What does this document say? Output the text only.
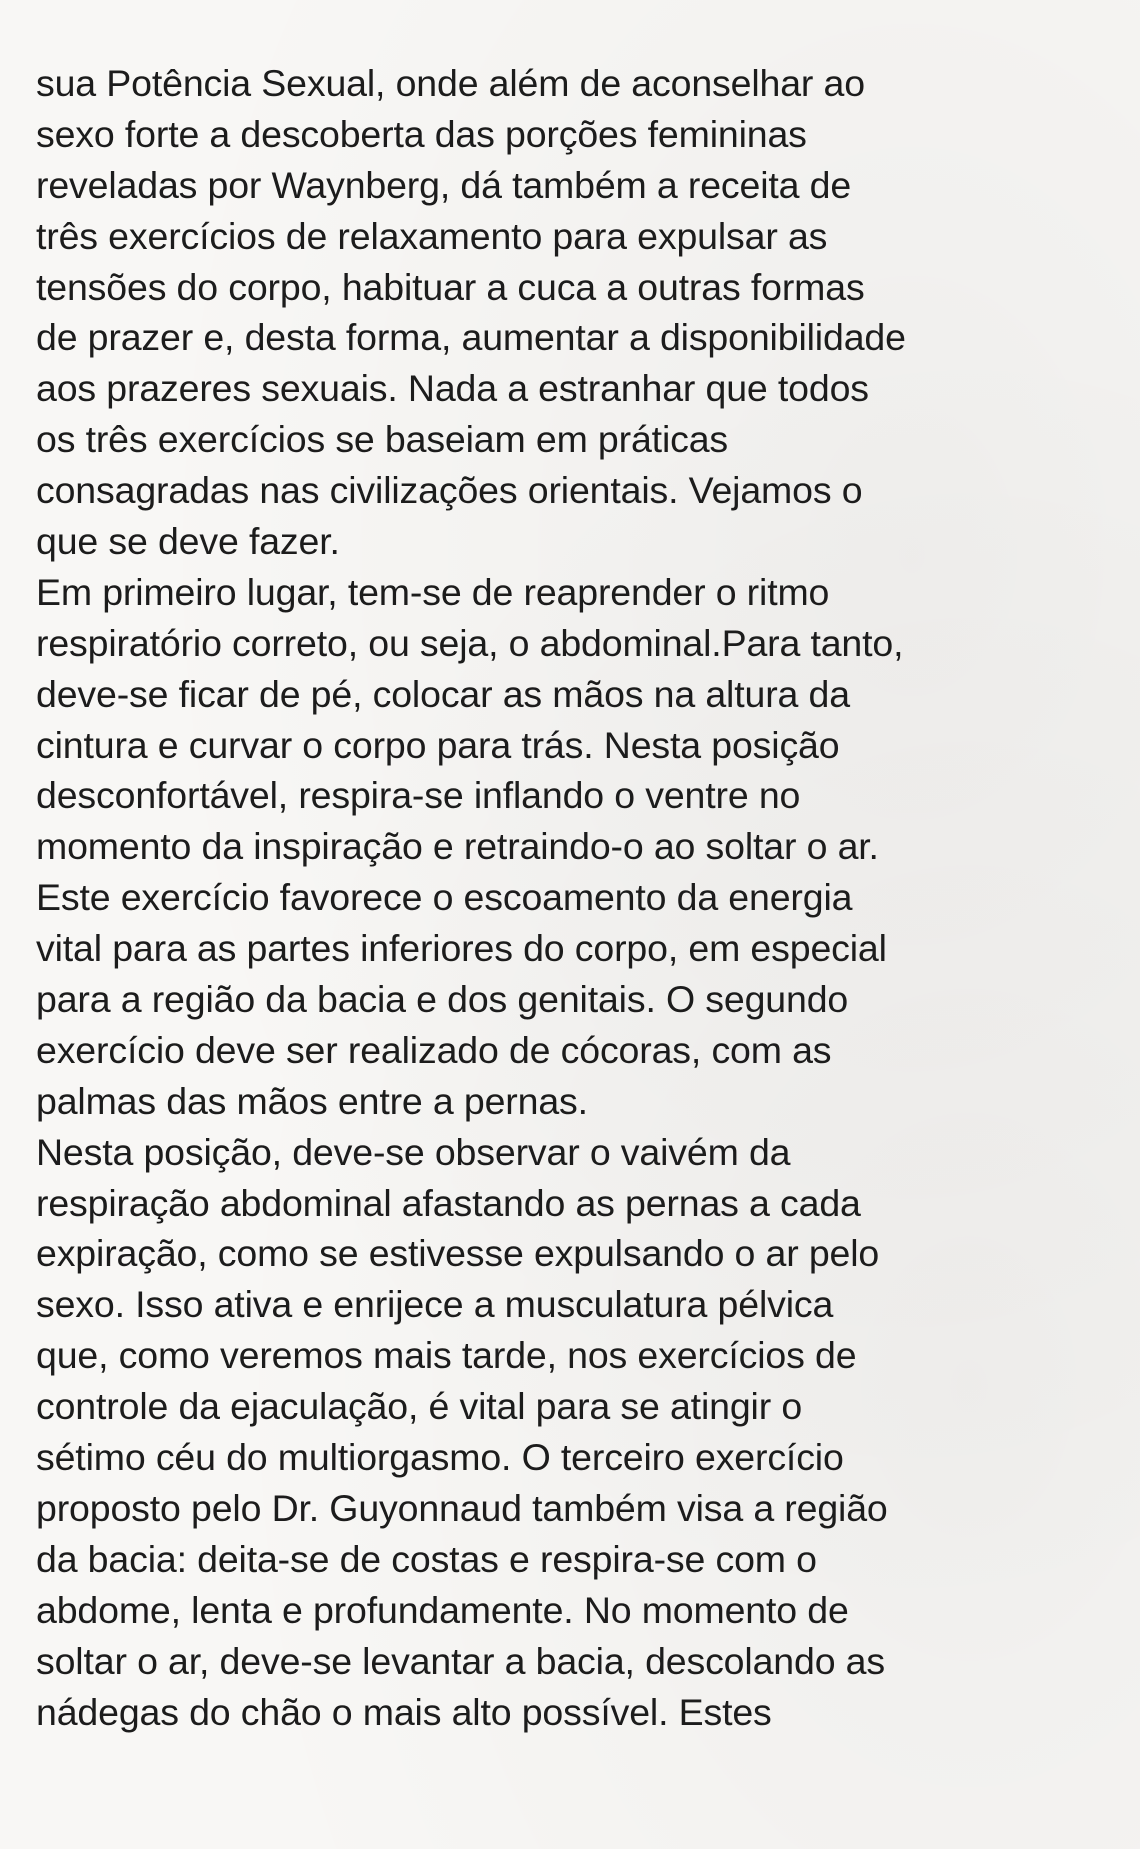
sua Potência Sexual, onde além de aconselhar ao
sexo forte a descoberta das porções femininas
reveladas por Waynberg, dá também a receita de
três exercícios de relaxamento para expulsar as
tensões do corpo, habituar a cuca a outras formas
de prazer e, desta forma, aumentar a disponibilidade
aos prazeres sexuais. Nada a estranhar que todos
os três exercícios se baseiam em práticas
consagradas nas civilizações orientais. Vejamos o
que se deve fazer.
Em primeiro lugar, tem-se de reaprender o ritmo
respiratório correto, ou seja, o abdominal.Para tanto,
deve-se ficar de pé, colocar as mãos na altura da
cintura e curvar o corpo para trás. Nesta posição
desconfortável, respira-se inflando o ventre no
momento da inspiração e retraindo-o ao soltar o ar.
Este exercício favorece o escoamento da energia
vital para as partes inferiores do corpo, em especial
para a região da bacia e dos genitais. O segundo
exercício deve ser realizado de cócoras, com as
palmas das mãos entre a pernas.
Nesta posição, deve-se observar o vaivém da
respiração abdominal afastando as pernas a cada
expiração, como se estivesse expulsando o ar pelo
sexo. Isso ativa e enrijece a musculatura pélvica
que, como veremos mais tarde, nos exercícios de
controle da ejaculação, é vital para se atingir o
sétimo céu do multiorgasmo. O terceiro exercício
proposto pelo Dr. Guyonnaud também visa a região
da bacia: deita-se de costas e respira-se com o
abdome, lenta e profundamente. No momento de
soltar o ar, deve-se levantar a bacia, descolando as
nádegas do chão o mais alto possível. Estes
